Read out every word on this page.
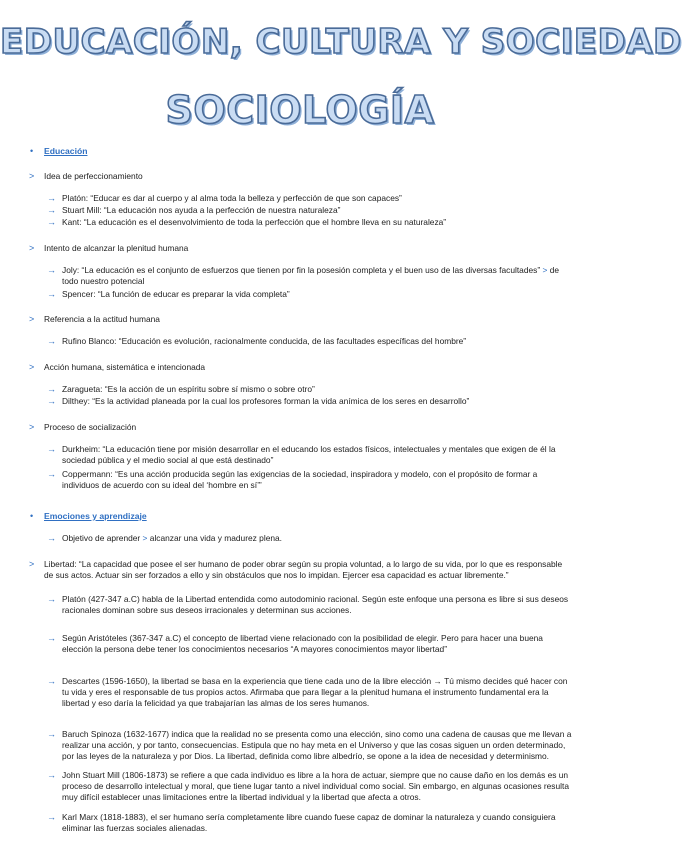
EDUCACIÓN, CULTURA Y SOCIEDAD
SOCIOLOGÍA
• Educación
> Idea de perfeccionamiento
→ Platón: “Educar es dar al cuerpo y al alma toda la belleza y perfección de que son capaces”
→ Stuart Mill: “La educación nos ayuda a la perfección de nuestra naturaleza”
→ Kant: “La educación es el desenvolvimiento de toda la perfección que el hombre lleva en su naturaleza”
> Intento de alcanzar la plenitud humana
→ Joly: “La educación es el conjunto de esfuerzos que tienen por fin la posesión completa y el buen uso de las diversas facultades” > de todo nuestro potencial
→ Spencer: “La función de educar es preparar la vida completa”
> Referencia a la actitud humana
→ Rufino Blanco: “Educación es evolución, racionalmente conducida, de las facultades específicas del hombre”
> Acción humana, sistemática e intencionada
→ Zaragueta: “Es la acción de un espíritu sobre sí mismo o sobre otro”
→ Dilthey: “Es la actividad planeada por la cual los profesores forman la vida anímica de los seres en desarrollo”
> Proceso de socialización
→ Durkheim: “La educación tiene por misión desarrollar en el educando los estados físicos, intelectuales y mentales que exigen de él la sociedad pública y el medio social al que está destinado”
→ Coppermann: “Es una acción producida según las exigencias de la sociedad, inspiradora y modelo, con el propósito de formar a individuos de acuerdo con su ideal del ‘hombre en sí’”
• Emociones y aprendizaje
→ Objetivo de aprender > alcanzar una vida y madurez plena.
> Libertad: “La capacidad que posee el ser humano de poder obrar según su propia voluntad, a lo largo de su vida, por lo que es responsable de sus actos. Actuar sin ser forzados a ello y sin obstáculos que nos lo impidan. Ejercer esa capacidad es actuar libremente.”
→ Platón (427-347 a.C) habla de la Libertad entendida como autodominio racional. Según este enfoque una persona es libre si sus deseos racionales dominan sobre sus deseos irracionales y determinan sus acciones.
→ Según Aristóteles (367-347 a.C) el concepto de libertad viene relacionado con la posibilidad de elegir. Pero para hacer una buena elección la persona debe tener los conocimientos necesarios “A mayores conocimientos mayor libertad”
→ Descartes (1596-1650), la libertad se basa en la experiencia que tiene cada uno de la libre elección → Tú mismo decides qué hacer con tu vida y eres el responsable de tus propios actos. Afirmaba que para llegar a la plenitud humana el instrumento fundamental era la libertad y eso daría la felicidad ya que trabajarían las almas de los seres humanos.
→ Baruch Spinoza (1632-1677) indica que la realidad no se presenta como una elección, sino como una cadena de causas que me llevan a realizar una acción, y por tanto, consecuencias. Estipula que no hay meta en el Universo y que las cosas siguen un orden determinado, por las leyes de la naturaleza y por Dios. La libertad, definida como libre albedrío, se opone a la idea de necesidad y determinismo.
→ John Stuart Mill (1806-1873) se refiere a que cada individuo es libre a la hora de actuar, siempre que no cause daño en los demás es un proceso de desarrollo intelectual y moral, que tiene lugar tanto a nivel individual como social. Sin embargo, en algunas ocasiones resulta muy difícil establecer unas limitaciones entre la libertad individual y la libertad que afecta a otros.
→ Karl Marx (1818-1883), el ser humano sería completamente libre cuando fuese capaz de dominar la naturaleza y cuando consiguiera eliminar las fuerzas sociales alienadas.
